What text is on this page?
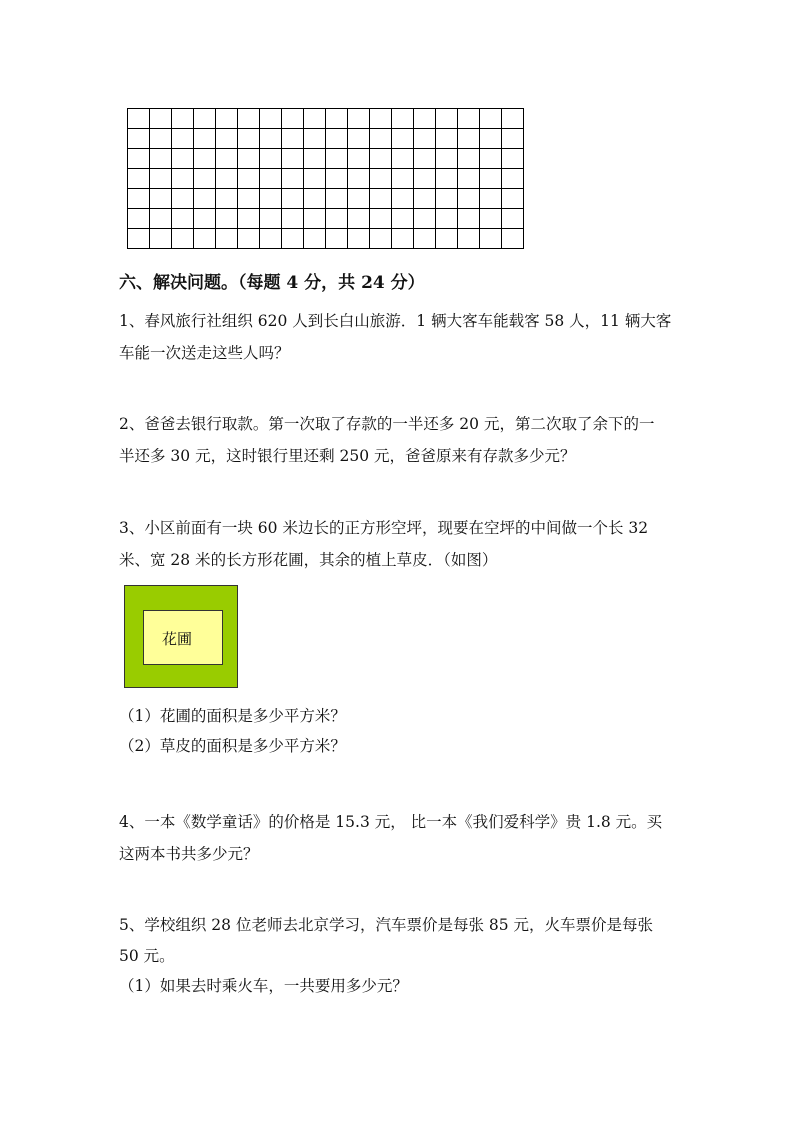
六、解决问题。（每题 4 分，共 24 分）
1、春风旅行社组织 620 人到长白山旅游．1 辆大客车能载客 58 人，11 辆大客
车能一次送走这些人吗？
2、爸爸去银行取款。第一次取了存款的一半还多 20 元，第二次取了余下的一
半还多 30 元，这时银行里还剩 250 元，爸爸原来有存款多少元？
3、小区前面有一块 60 米边长的正方形空坪，现要在空坪的中间做一个长 32
米、宽 28 米的长方形花圃，其余的植上草皮．（如图）
花圃
（1）花圃的面积是多少平方米？
（2）草皮的面积是多少平方米？
4、一本《数学童话》的价格是 15.3 元， 比一本《我们爱科学》贵 1.8 元。买
这两本书共多少元？
5、学校组织 28 位老师去北京学习，汽车票价是每张 85 元，火车票价是每张
50 元。
（1）如果去时乘火车，一共要用多少元？
